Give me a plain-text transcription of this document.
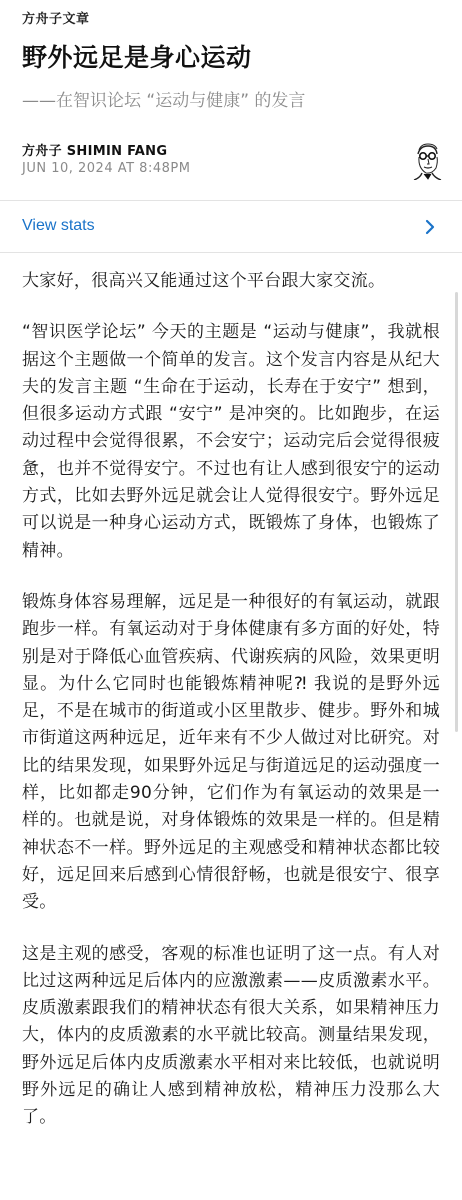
方舟子文章
野外远足是身心运动
——在智识论坛 “运动与健康” 的发言
方舟子 SHIMIN FANG
JUN 10, 2024 AT 8:48PM
View stats

大家好，很高兴又能通过这个平台跟大家交流。

“智识医学论坛” 今天的主题是 “运动与健康”，我就根据这个主题做一个简单的发言。这个发言内容是从纪大夫的发言主题 “生命在于运动，长寿在于安宁” 想到，但很多运动方式跟 “安宁” 是冲突的。比如跑步，在运动过程中会觉得很累，不会安宁；运动完后会觉得很疲惫，也并不觉得安宁。不过也有让人感到很安宁的运动方式，比如去野外远足就会让人觉得很安宁。野外远足可以说是一种身心运动方式，既锻炼了身体，也锻炼了精神。

锻炼身体容易理解，远足是一种很好的有氧运动，就跟跑步一样。有氧运动对于身体健康有多方面的好处，特别是对于降低心血管疾病、代谢疾病的风险，效果更明显。为什么它同时也能锻炼精神呢⁈ 我说的是野外远足，不是在城市的街道或小区里散步、健步。野外和城市街道这两种远足，近年来有不少人做过对比研究。对比的结果发现，如果野外远足与街道远足的运动强度一样，比如都走90分钟，它们作为有氧运动的效果是一样的。也就是说，对身体锻炼的效果是一样的。但是精神状态不一样。野外远足的主观感受和精神状态都比较好，远足回来后感到心情很舒畅，也就是很安宁、很享受。

这是主观的感受，客观的标准也证明了这一点。有人对比过这两种远足后体内的应激激素——皮质激素水平。皮质激素跟我们的精神状态有很大关系，如果精神压力大，体内的皮质激素的水平就比较高。测量结果发现，野外远足后体内皮质激素水平相对来比较低，也就说明野外远足的确让人感到精神放松，精神压力没那么大了。
